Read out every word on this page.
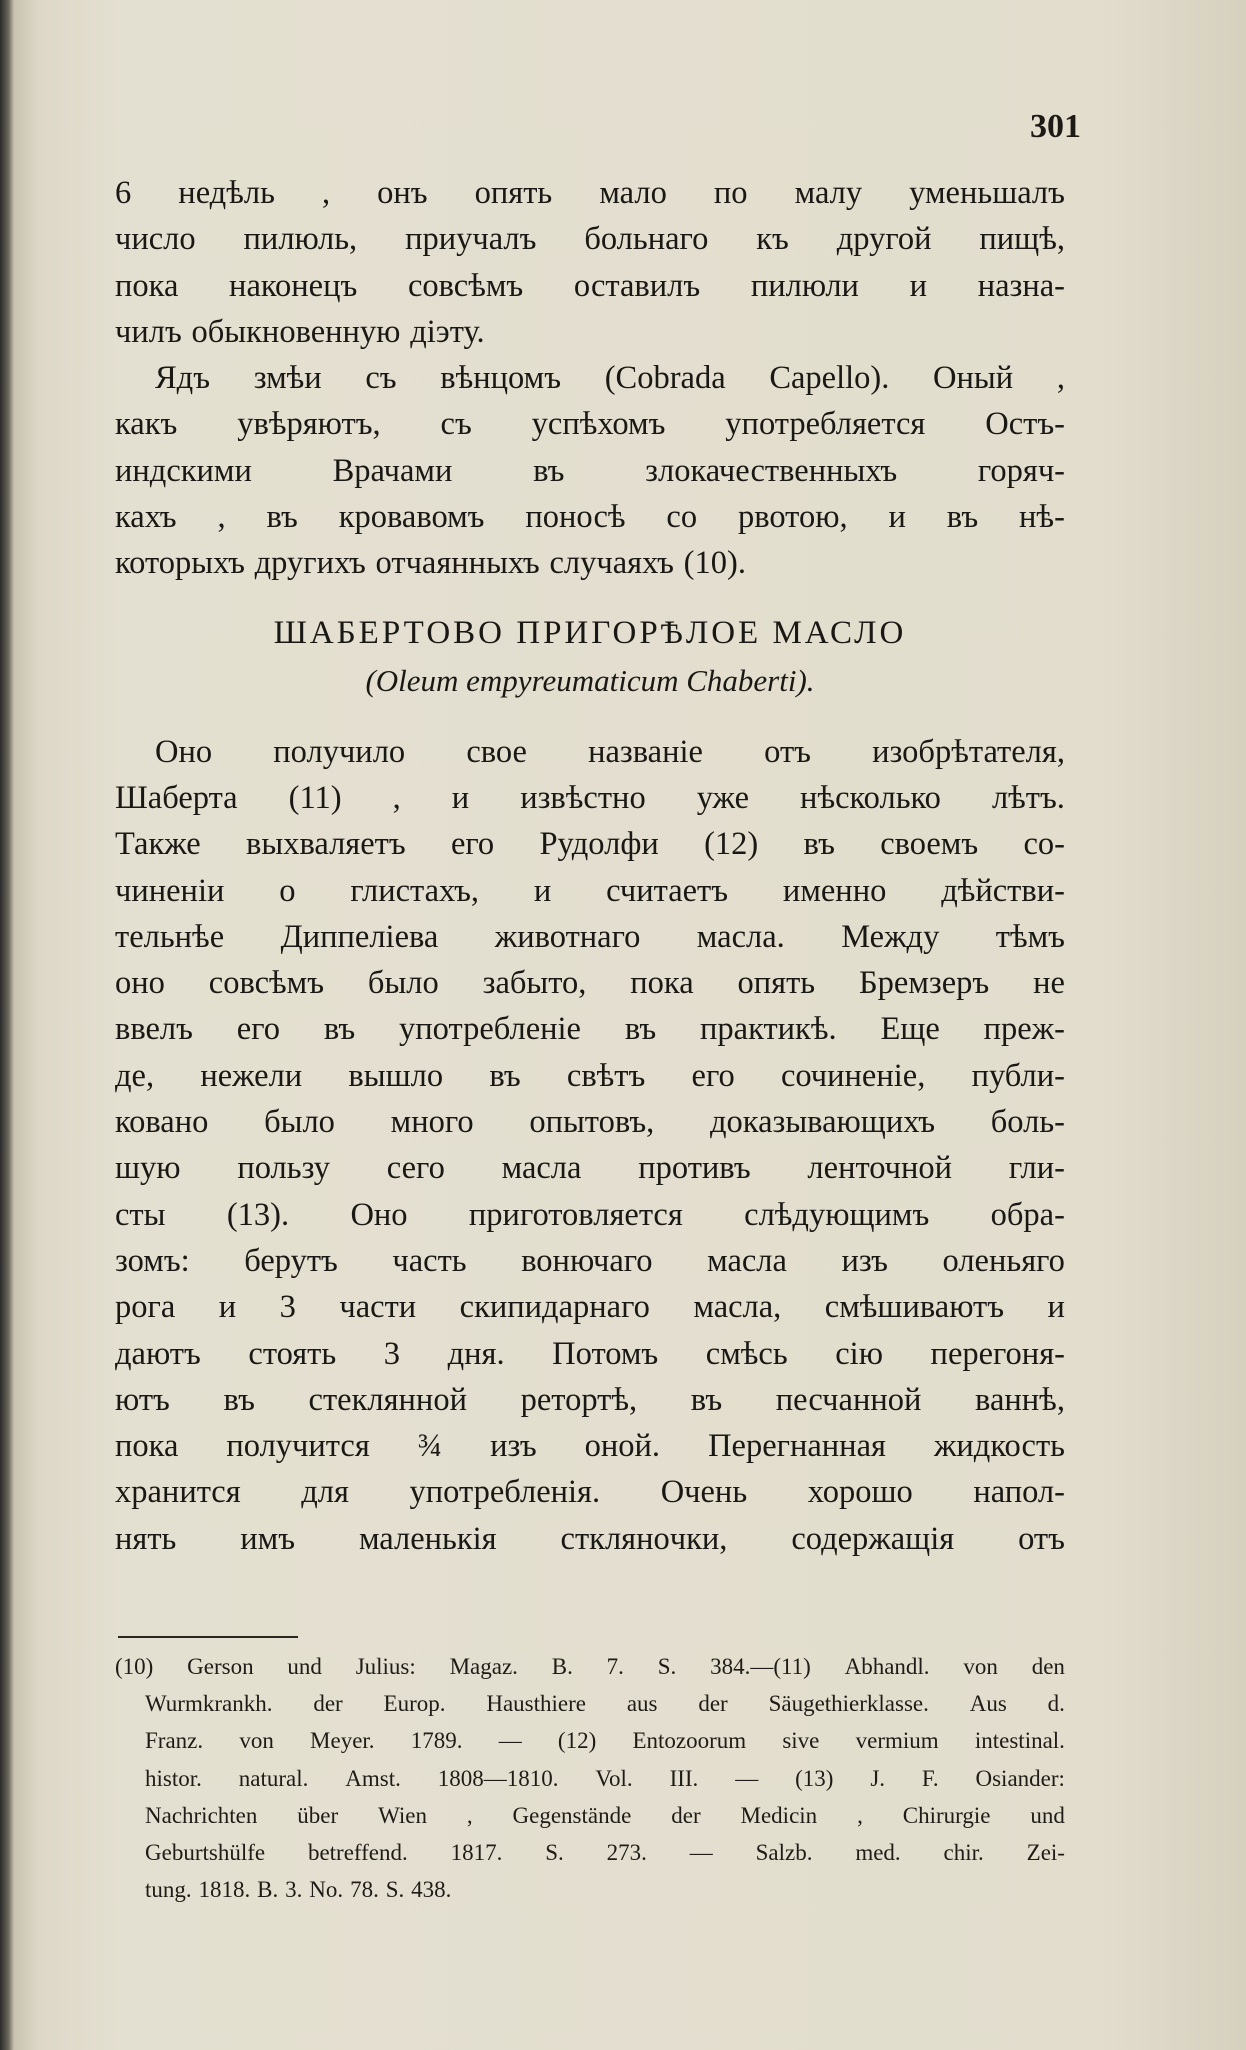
301
6 недѣль , онъ опять мало по малу уменьшалъ
число пилюль, приучалъ больнаго къ другой пищѣ,
пока наконецъ совсѣмъ оставилъ пилюли и назна-
чилъ обыкновенную діэту.
Ядъ змѣи съ вѣнцомъ (Cobrada Capello). Оный ,
какъ увѣряютъ, съ успѣхомъ употребляется Остъ-
индскими Врачами въ злокачественныхъ горяч-
кахъ , въ кровавомъ поносѣ со рвотою, и въ нѣ-
которыхъ другихъ отчаянныхъ случаяхъ (10).
ШАБЕРТОВО ПРИГОРѢЛОЕ МАСЛО
(Oleum empyreumaticum Chaberti).
Оно получило свое названіе отъ изобрѣтателя,
Шаберта (11) , и извѣстно уже нѣсколько лѣтъ.
Также выхваляетъ его Рудолфи (12) въ своемъ со-
чиненіи о глистахъ, и считаетъ именно дѣйстви-
тельнѣе Диппеліева животнаго масла. Между тѣмъ
оно совсѣмъ было забыто, пока опять Бремзеръ не
ввелъ его въ употребленіе въ практикѣ. Еще преж-
де, нежели вышло въ свѣтъ его сочиненіе, публи-
ковано было много опытовъ, доказывающихъ боль-
шую пользу сего масла противъ ленточной гли-
сты (13). Оно приготовляется слѣдующимъ обра-
зомъ: берутъ часть вонючаго масла изъ оленьяго
рога и 3 части скипидарнаго масла, смѣшиваютъ и
даютъ стоять 3 дня. Потомъ смѣсь сію перегоня-
ютъ въ стеклянной ретортѣ, въ песчанной ваннѣ,
пока получится ¾ изъ оной. Перегнанная жидкость
хранится для употребленія. Очень хорошо напол-
нять имъ маленькія стклянoчки, содержащія отъ
(10) Gerson und Julius: Magaz. B. 7. S. 384.—(11) Abhandl. von den
Wurmkrankh. der Europ. Hausthiere aus der Säugethierklasse. Aus d.
Franz. von Meyer. 1789. — (12) Entozoorum sive vermium intestinal.
histor. natural. Amst. 1808—1810. Vol. III. — (13) J. F. Osiander:
Nachrichten über Wien , Gegenstände der Medicin , Chirurgie und
Geburtshülfe betreffend. 1817. S. 273. — Salzb. med. chir. Zei-
tung. 1818. B. 3. No. 78. S. 438.
